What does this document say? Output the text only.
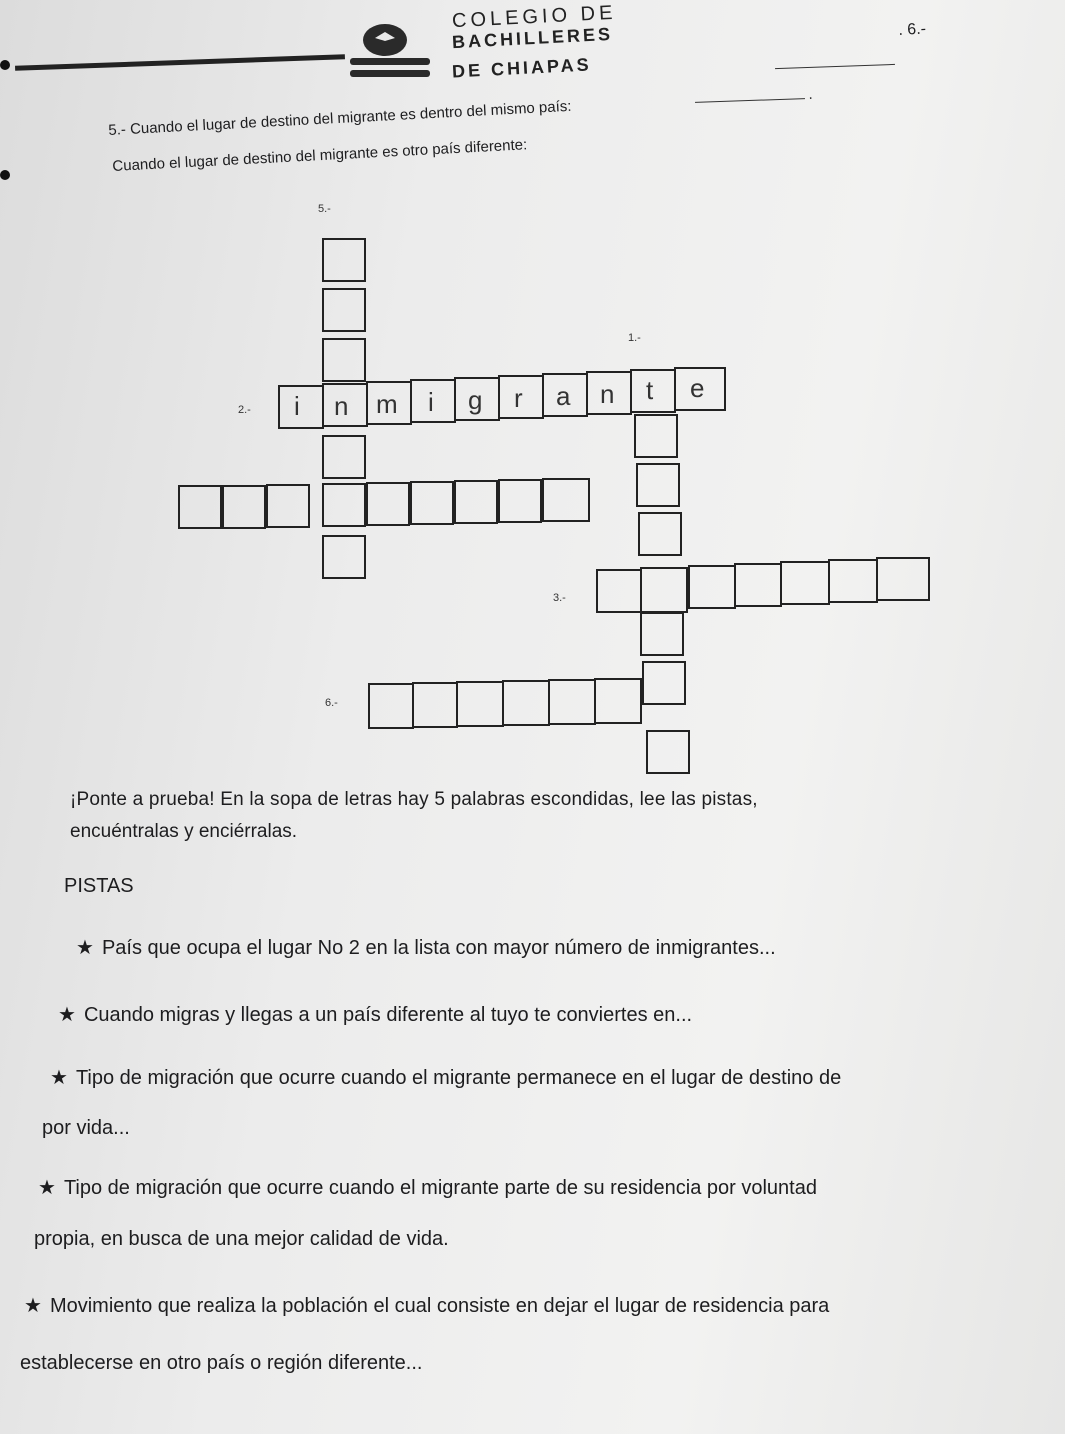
COLEGIO DE
BACHILLERES
DE CHIAPAS
. 6.-
5.- Cuando el lugar de destino del migrante es dentro del mismo país:
.
Cuando el lugar de destino del migrante es otro país diferente:
5.-
1.-
2.-
3.-
6.-
i n m i g r a n t e
¡Ponte a prueba! En la sopa de letras hay 5 palabras escondidas, lee las pistas,
encuéntralas y enciérralas.
PISTAS
★ País que ocupa el lugar No 2 en la lista con mayor número de inmigrantes...
★ Cuando migras y llegas a un país diferente al tuyo te conviertes en...
★ Tipo de migración que ocurre cuando el migrante permanece en el lugar de destino de
por vida...
★ Tipo de migración que ocurre cuando el migrante parte de su residencia por voluntad
propia, en busca de una mejor calidad de vida.
★ Movimiento que realiza la población el cual consiste en dejar el lugar de residencia para
establecerse en otro país o región diferente...
